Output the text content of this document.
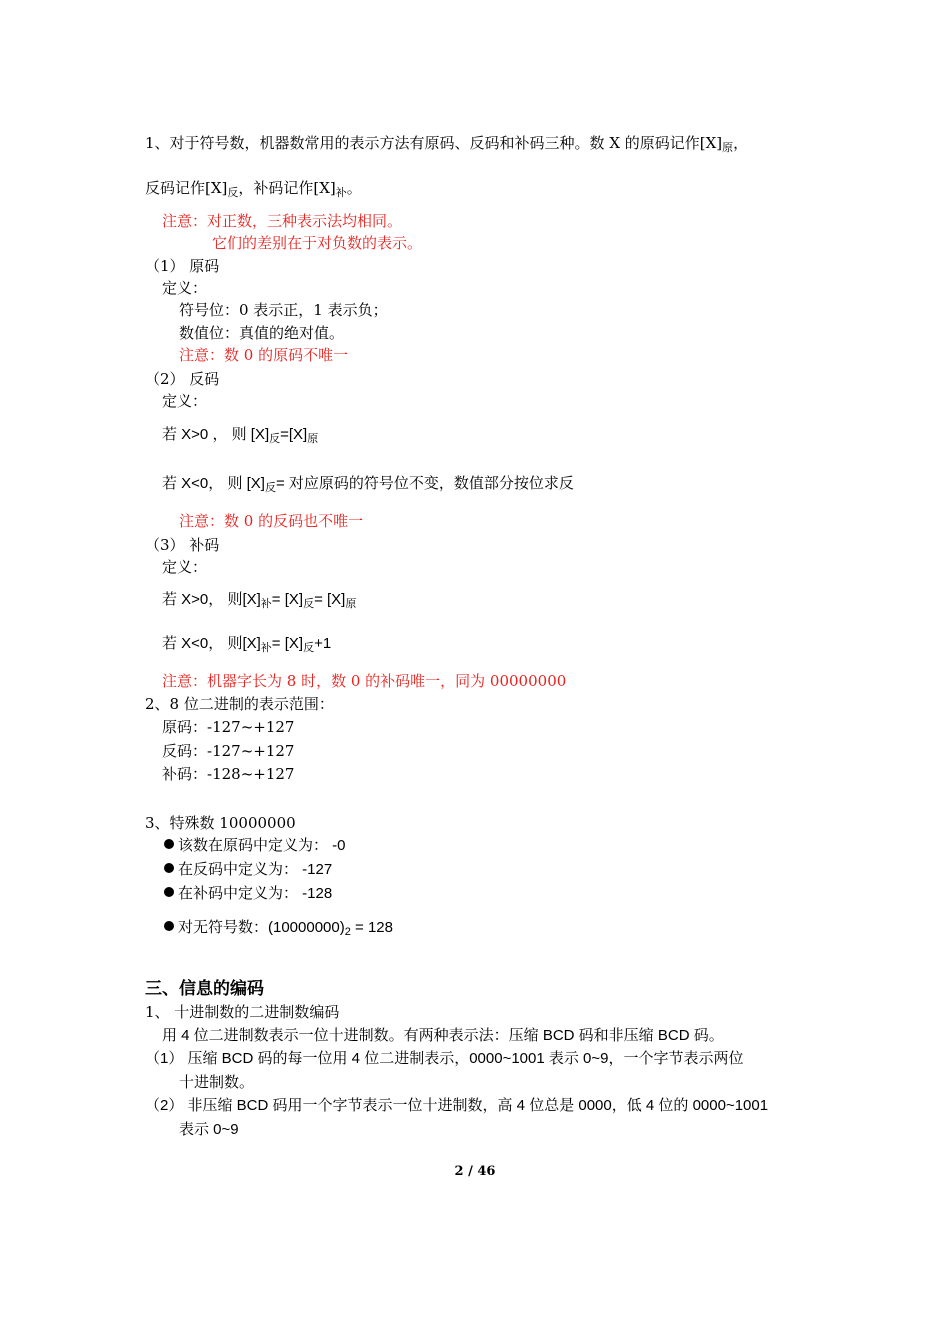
1、对于符号数，机器数常用的表示方法有原码、反码和补码三种。数 X 的原码记作$[X]_原$，
反码记作$[X]_反$，补码记作$[X]_补$。
注意：对正数，三种表示法均相同。
它们的差别在于对负数的表示。
（1） 原码
定义：
符号位：0 表示正，1 表示负；
数值位：真值的绝对值。
注意：数 0 的原码不唯一
（2） 反码
定义：
若 X>0 ， 则 $[X]_反=[X]_原$
若 X<0， 则 $[X]_反=$ 对应原码的符号位不变，数值部分按位求反
注意：数 0 的反码也不唯一
（3） 补码
定义：
若 X>0， 则$[X]_补= [X]_反= [X]_原$
若 X<0， 则$[X]_补= [X]_反+1$
注意：机器字长为 8 时，数 0 的补码唯一，同为 00000000
2、8 位二进制的表示范围：
原码：-127~+127
反码：-127~+127
补码：-128~+127
3、特殊数 10000000
该数在原码中定义为： -0
在反码中定义为： -127
在补码中定义为： -128
对无符号数：$(10000000)_2 = 128$
三、信息的编码
1、 十进制数的二进制数编码
用 4 位二进制数表示一位十进制数。有两种表示法：压缩 BCD 码和非压缩 BCD 码。
（1） 压缩 BCD 码的每一位用 4 位二进制表示，0000~1001 表示 0~9，一个字节表示两位
十进制数。
（2） 非压缩 BCD 码用一个字节表示一位十进制数，高 4 位总是 0000，低 4 位的 0000~1001
表示 0~9
2 / 46
